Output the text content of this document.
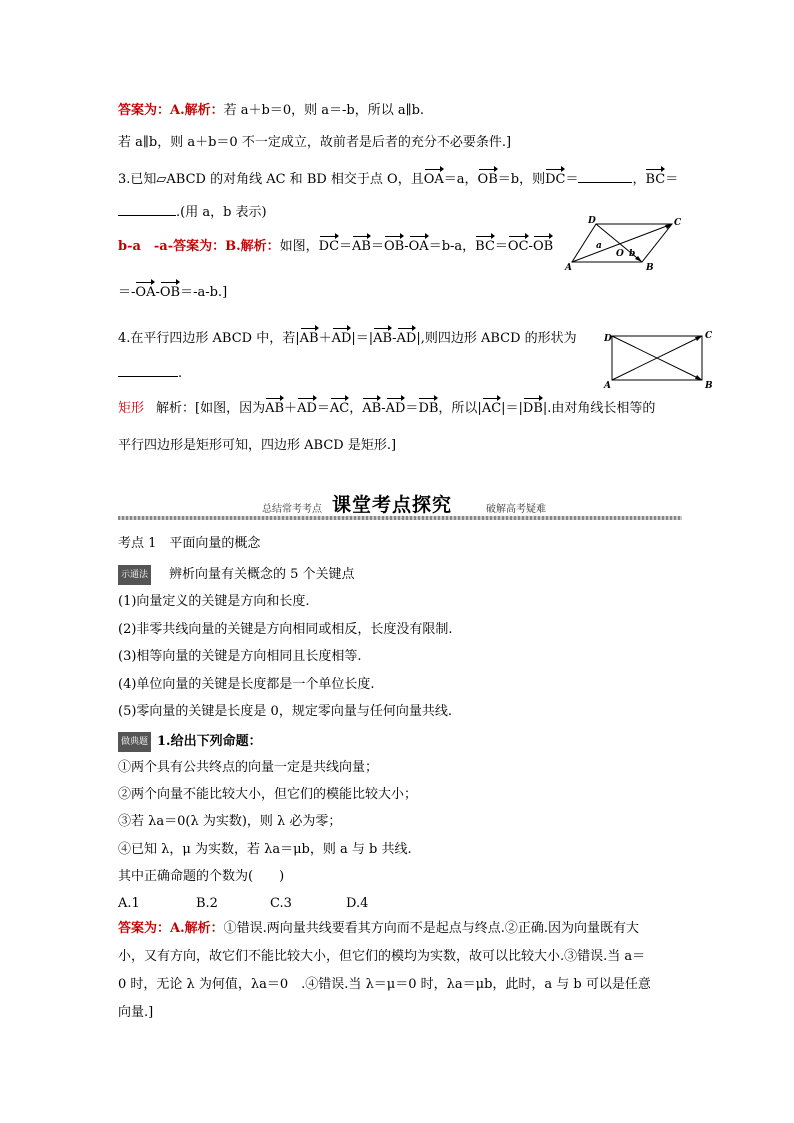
答案为：A.解析：若 a＋b＝0，则 a＝-b，所以 a∥b.
若 a∥b，则 a＋b＝0 不一定成立，故前者是后者的充分不必要条件.]
3.已知▱ABCD 的对角线 AC 和 BD 相交于点 O，且OA＝a，OB＝b，则DC＝	，BC＝
.(用 a，b 表示)
b-a　-a-答案为：B.解析：如图，DC＝AB＝OB-OA＝b-a，BC＝OC-OB
＝-OA-OB＝-a-b.]
A	B
C
D
O
a
b
4.在平行四边形 ABCD 中，若|AB＋AD|＝|AB-AD|,则四边形 ABCD 的形状为
.
矩形 解析：[如图，因为AB＋AD＝AC，AB-AD＝DB，所以|AC|＝|DB|.由对角线长相等的
平行四边形是矩形可知，四边形 ABCD 是矩形.]
A	B
C
D
总结常考考点 课堂考点探究	破解高考疑难
考点 1　平面向量的概念
示通法 辨析向量有关概念的 5 个关键点
(1)向量定义的关键是方向和长度.
(2)非零共线向量的关键是方向相同或相反，长度没有限制.
(3)相等向量的关键是方向相同且长度相等.
(4)单位向量的关键是长度都是一个单位长度.
(5)零向量的关键是长度是 0，规定零向量与任何向量共线.
做典题 1.给出下列命题：
①两个具有公共终点的向量一定是共线向量；
②两个向量不能比较大小，但它们的模能比较大小；
③若 λa＝0(λ 为实数)，则 λ 必为零；
④已知 λ，μ 为实数，若 λa＝μb，则 a 与 b 共线.
其中正确命题的个数为(　　)
A.1	B.2	C.3	D.4
答案为：A.解析：①错误.两向量共线要看其方向而不是起点与终点.②正确.因为向量既有大
小，又有方向，故它们不能比较大小，但它们的模均为实数，故可以比较大小.③错误.当 a＝
0 时，无论 λ 为何值，λa＝0　.④错误.当 λ＝μ＝0 时，λa＝μb，此时，a 与 b 可以是任意
向量.]
